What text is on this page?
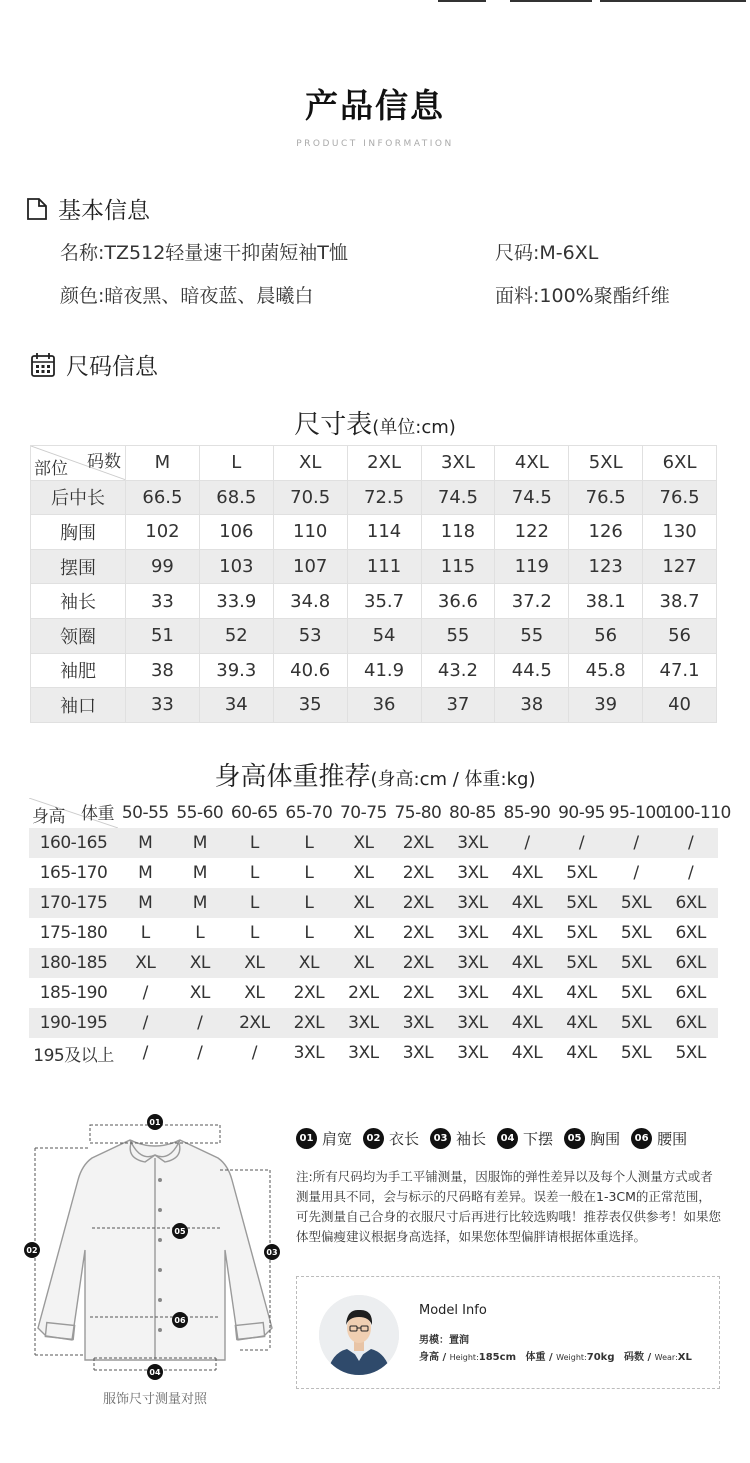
产品信息
PRODUCT INFORMATION
基本信息
名称:TZ512轻量速干抑菌短袖T恤	尺码:M-6XL
颜色:暗夜黑、暗夜蓝、晨曦白	面料:100%聚酯纤维
尺码信息
尺寸表(单位:cm)
码数
部位	M	L	XL	2XL	3XL	4XL	5XL	6XL
后中长	66.5	68.5	70.5	72.5	74.5	74.5	76.5	76.5
胸围	102	106	110	114	118	122	126	130
摆围	99	103	107	111	115	119	123	127
袖长	33	33.9	34.8	35.7	36.6	37.2	38.1	38.7
领圈	51	52	53	54	55	55	56	56
袖肥	38	39.3	40.6	41.9	43.2	44.5	45.8	47.1
袖口	33	34	35	36	37	38	39	40
身高体重推荐(身高:cm / 体重:kg)
体重
身高	50-55	55-60	60-65	65-70	70-75	75-80	80-85	85-90	90-95	95-100	100-110
160-165	M	M	L	L	XL	2XL	3XL	/	/	/	/
165-170	M	M	L	L	XL	2XL	3XL	4XL	5XL	/	/
170-175	M	M	L	L	XL	2XL	3XL	4XL	5XL	5XL	6XL
175-180	L	L	L	L	XL	2XL	3XL	4XL	5XL	5XL	6XL
180-185	XL	XL	XL	XL	XL	2XL	3XL	4XL	5XL	5XL	6XL
185-190	/	XL	XL	2XL	2XL	2XL	3XL	4XL	4XL	5XL	6XL
190-195	/	/	2XL	2XL	3XL	3XL	3XL	4XL	4XL	5XL	6XL
195及以上	/	/	/	3XL	3XL	3XL	3XL	4XL	4XL	5XL	5XL
01
02	03
04
05
06
服饰尺寸测量对照
01 肩宽	02 衣长	03 袖长	04 下摆	05 胸围	06 腰围
注:所有尺码均为手工平铺测量，因服饰的弹性差异以及每个人测量方式或者测量用具不同，会与标示的尺码略有差异。误差一般在1-3CM的正常范围，可先测量自己合身的衣服尺寸后再进行比较选购哦！推荐表仅供参考！如果您体型偏瘦建议根据身高选择，如果您体型偏胖请根据体重选择。
Model Info
男模：置润
身高 / Height:185cm 体重 / Weight:70kg 码数 / Wear:XL
